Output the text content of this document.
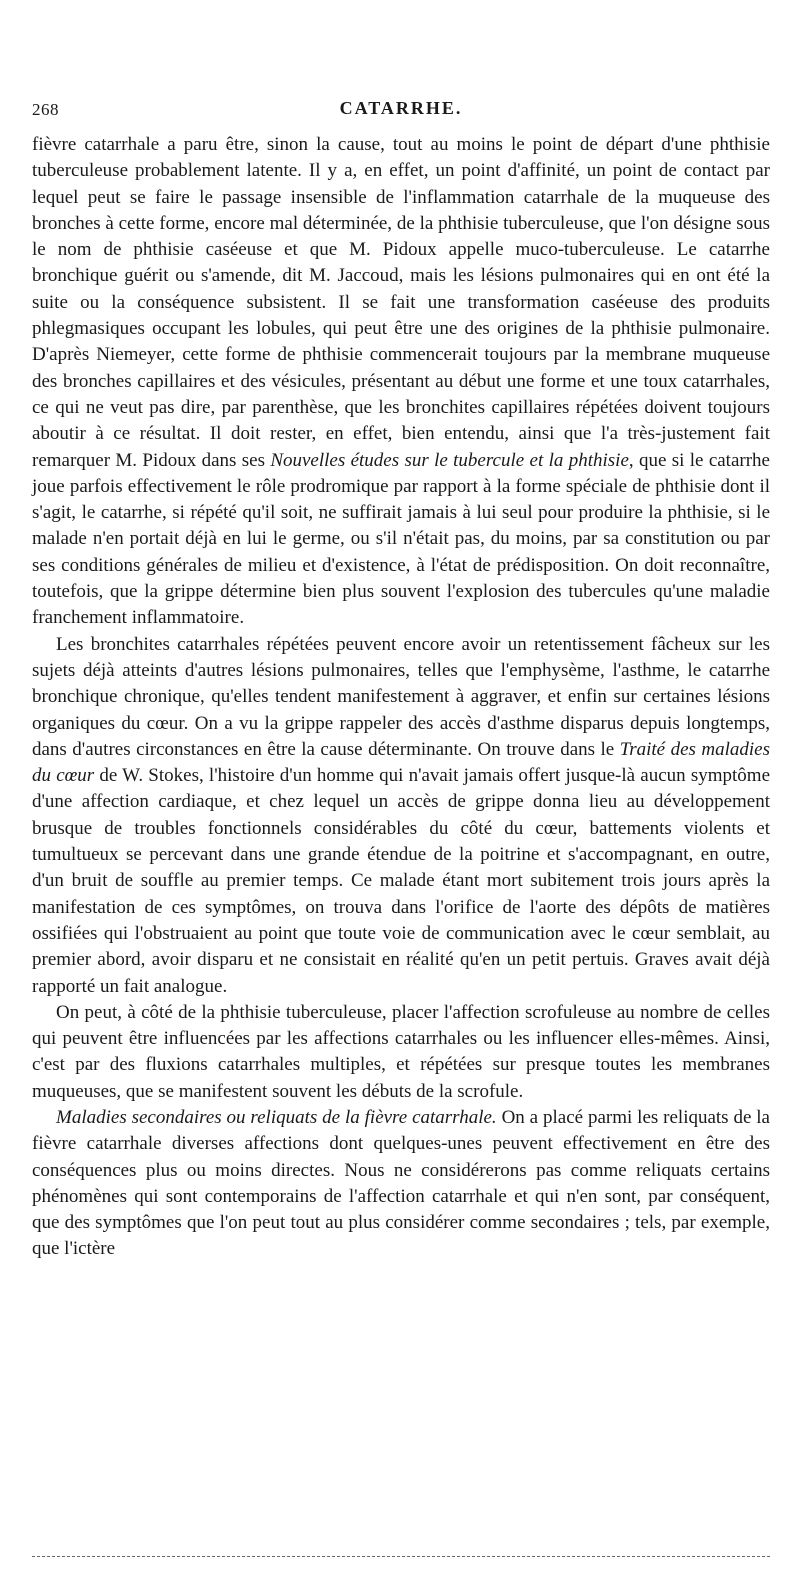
268	CATARRHE.

fièvre catarrhale a paru être, sinon la cause, tout au moins le point de départ d'une phthisie tuberculeuse probablement latente. Il y a, en effet, un point d'affinité, un point de contact par lequel peut se faire le passage insensible de l'inflammation catarrhale de la muqueuse des bronches à cette forme, encore mal déterminée, de la phthisie tuberculeuse, que l'on désigne sous le nom de phthisie caséeuse et que M. Pidoux appelle muco-tuberculeuse. Le catarrhe bronchique guérit ou s'amende, dit M. Jaccoud, mais les lésions pulmonaires qui en ont été la suite ou la conséquence subsistent. Il se fait une transformation caséeuse des produits phlegmasiques occupant les lobules, qui peut être une des origines de la phthisie pulmonaire. D'après Niemeyer, cette forme de phthisie commencerait toujours par la membrane muqueuse des bronches capillaires et des vésicules, présentant au début une forme et une toux catarrhales, ce qui ne veut pas dire, par parenthèse, que les bronchites capillaires répétées doivent toujours aboutir à ce résultat. Il doit rester, en effet, bien entendu, ainsi que l'a très-justement fait remarquer M. Pidoux dans ses Nouvelles études sur le tubercule et la phthisie, que si le catarrhe joue parfois effectivement le rôle prodromique par rapport à la forme spéciale de phthisie dont il s'agit, le catarrhe, si répété qu'il soit, ne suffirait jamais à lui seul pour produire la phthisie, si le malade n'en portait déjà en lui le germe, ou s'il n'était pas, du moins, par sa constitution ou par ses conditions générales de milieu et d'existence, à l'état de prédisposition. On doit reconnaître, toutefois, que la grippe détermine bien plus souvent l'explosion des tubercules qu'une maladie franchement inflammatoire.

Les bronchites catarrhales répétées peuvent encore avoir un retentissement fâcheux sur les sujets déjà atteints d'autres lésions pulmonaires, telles que l'emphysème, l'asthme, le catarrhe bronchique chronique, qu'elles tendent manifestement à aggraver, et enfin sur certaines lésions organiques du cœur. On a vu la grippe rappeler des accès d'asthme disparus depuis longtemps, dans d'autres circonstances en être la cause déterminante. On trouve dans le Traité des maladies du cœur de W. Stokes, l'histoire d'un homme qui n'avait jamais offert jusque-là aucun symptôme d'une affection cardiaque, et chez lequel un accès de grippe donna lieu au développement brusque de troubles fonctionnels considérables du côté du cœur, battements violents et tumultueux se percevant dans une grande étendue de la poitrine et s'accompagnant, en outre, d'un bruit de souffle au premier temps. Ce malade étant mort subitement trois jours après la manifestation de ces symptômes, on trouva dans l'orifice de l'aorte des dépôts de matières ossifiées qui l'obstruaient au point que toute voie de communication avec le cœur semblait, au premier abord, avoir disparu et ne consistait en réalité qu'en un petit pertuis. Graves avait déjà rapporté un fait analogue.

On peut, à côté de la phthisie tuberculeuse, placer l'affection scrofuleuse au nombre de celles qui peuvent être influencées par les affections catarrhales ou les influencer elles-mêmes. Ainsi, c'est par des fluxions catarrhales multiples, et répétées sur presque toutes les membranes muqueuses, que se manifestent souvent les débuts de la scrofule.

Maladies secondaires ou reliquats de la fièvre catarrhale. On a placé parmi les reliquats de la fièvre catarrhale diverses affections dont quelques-unes peuvent effectivement en être des conséquences plus ou moins directes. Nous ne considérerons pas comme reliquats certains phénomènes qui sont contemporains de l'affection catarrhale et qui n'en sont, par conséquent, que des symptômes que l'on peut tout au plus considérer comme secondaires ; tels, par exemple, que l'ictère
